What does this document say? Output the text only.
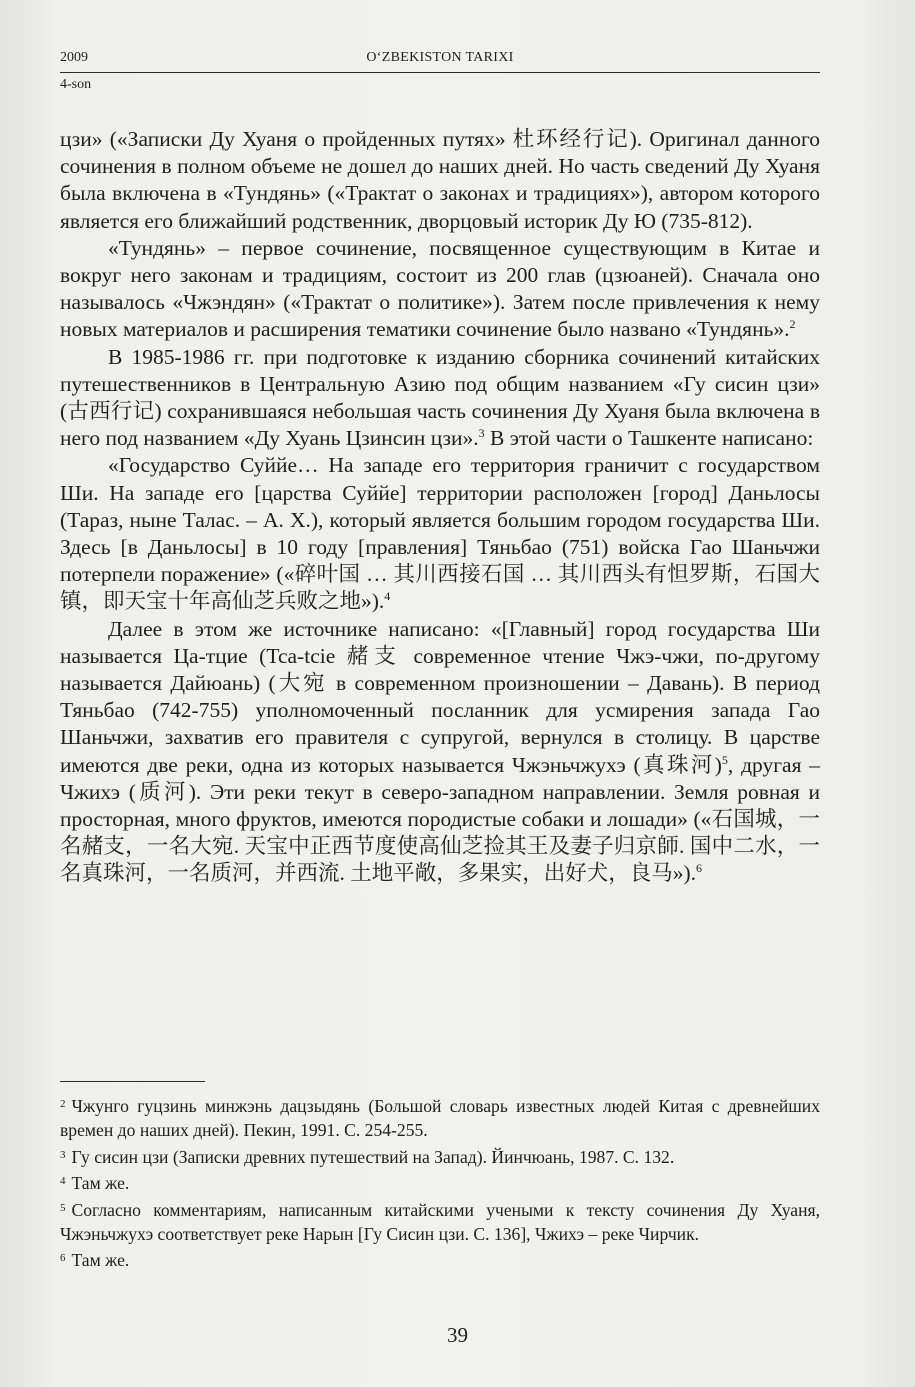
2009	O‘ZBEKISTON TARIXI
4-son

цзи» («Записки Ду Хуаня о пройденных путях» 杜环经行记). Оригинал данного сочинения в полном объеме не дошел до наших дней. Но часть сведений Ду Хуаня была включена в «Тундянь» («Трактат о законах и традициях»), автором которого является его ближайший родственник, дворцовый историк Ду Ю (735-812).

«Тундянь» – первое сочинение, посвященное существующим в Китае и вокруг него законам и традициям, состоит из 200 глав (цзюаней). Сначала оно называлось «Чжэндян» («Трактат о политике»). Затем после привлечения к нему новых материалов и расширения тематики сочинение было названо «Тундянь».$^2$

В 1985-1986 гг. при подготовке к изданию сборника сочинений китайских путешественников в Центральную Азию под общим названием «Гу сисин цзи» (古西行记) сохранившаяся небольшая часть сочинения Ду Хуаня была включена в него под названием «Ду Хуань Цзинсин цзи».$^3$ В этой части о Ташкенте написано:

«Государство Суййе… На западе его территория граничит с государством Ши. На западе его [царства Суййе] территории расположен [город] Даньлосы (Тараз, ныне Талас. – А. Х.), который является большим городом государства Ши. Здесь [в Даньлосы] в 10 году [правления] Тяньбао (751) войска Гао Шаньчжи потерпели поражение» («碎叶国 … 其川西接石国 … 其川西头有怛罗斯，石国大镇，即天宝十年高仙芝兵败之地»).$^4$

Далее в этом же источнике написано: «[Главный] город государства Ши называется Ца-тцие (Tca-tcie 赭支 современное чтение Чжэ-чжи, по-другому называется Дайюань) (大宛 в современном произношении – Давань). В период Тяньбао (742-755) уполномоченный посланник для усмирения запада Гао Шаньчжи, захватив его правителя с супругой, вернулся в столицу. В царстве имеются две реки, одна из которых называется Чжэньчжухэ (真珠河)$^5$, другая – Чжихэ (质河). Эти реки текут в северо-западном направлении. Земля ровная и просторная, много фруктов, имеются породистые собаки и лошади» («石国城，一名赭支，一名大宛. 天宝中正西节度使高仙芝捡其王及妻子归京師. 国中二水，一名真珠河，一名质河，并西流. 土地平敞，多果实，出好犬，良马»).$^6$

$^2$ Чжунго гуцзинь минжэнь дацзыдянь (Большой словарь известных людей Китая с древнейших времен до наших дней). Пекин, 1991. С. 254-255.

$^3$ Гу сисин цзи (Записки древних путешествий на Запад). Йинчюань, 1987. С. 132.

$^4$ Там же.

$^5$ Согласно комментариям, написанным китайскими учеными к тексту сочинения Ду Хуаня, Чжэньчжухэ соответствует реке Нарын [Гу Сисин цзи. С. 136], Чжихэ – реке Чирчик.

$^6$ Там же.

39
